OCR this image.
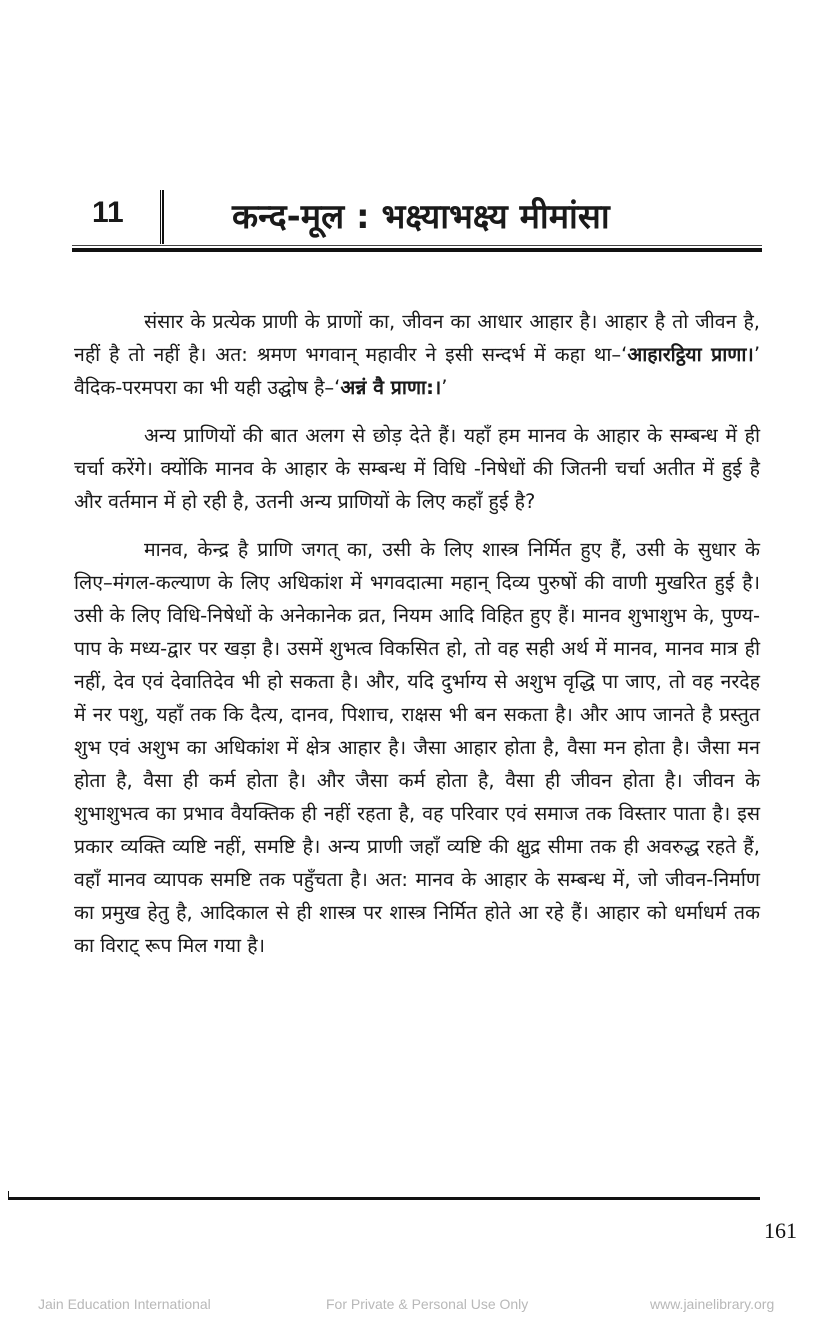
11	कन्द-मूल : भक्ष्याभक्ष्य मीमांसा

संसार के प्रत्येक प्राणी के प्राणों का, जीवन का आधार आहार है। आहार है तो जीवन है, नहीं है तो नहीं है। अत: श्रमण भगवान् महावीर ने इसी सन्दर्भ में कहा था–‘आहारट्ठिया प्राणा।’ वैदिक-परमपरा का भी यही उद्घोष है–‘अन्नं वै प्राणा:।’

अन्य प्राणियों की बात अलग से छोड़ देते हैं। यहाँ हम मानव के आहार के सम्बन्ध में ही चर्चा करेंगे। क्योंकि मानव के आहार के सम्बन्ध में विधि -निषेधों की जितनी चर्चा अतीत में हुई है और वर्तमान में हो रही है, उतनी अन्य प्राणियों के लिए कहाँ हुई है?

मानव, केन्द्र है प्राणि जगत् का, उसी के लिए शास्त्र निर्मित हुए हैं, उसी के सुधार के लिए–मंगल-कल्याण के लिए अधिकांश में भगवदात्मा महान् दिव्य पुरुषों की वाणी मुखरित हुई है। उसी के लिए विधि-निषेधों के अनेकानेक व्रत, नियम आदि विहित हुए हैं। मानव शुभाशुभ के, पुण्य-पाप के मध्य-द्वार पर खड़ा है। उसमें शुभत्व विकसित हो, तो वह सही अर्थ में मानव, मानव मात्र ही नहीं, देव एवं देवातिदेव भी हो सकता है। और, यदि दुर्भाग्य से अशुभ वृद्धि पा जाए, तो वह नरदेह में नर पशु, यहाँ तक कि दैत्य, दानव, पिशाच, राक्षस भी बन सकता है। और आप जानते है प्रस्तुत शुभ एवं अशुभ का अधिकांश में क्षेत्र आहार है। जैसा आहार होता है, वैसा मन होता है। जैसा मन होता है, वैसा ही कर्म होता है। और जैसा कर्म होता है, वैसा ही जीवन होता है। जीवन के शुभाशुभत्व का प्रभाव वैयक्तिक ही नहीं रहता है, वह परिवार एवं समाज तक विस्तार पाता है। इस प्रकार व्यक्ति व्यष्टि नहीं, समष्टि है। अन्य प्राणी जहाँ व्यष्टि की क्षुद्र सीमा तक ही अवरुद्ध रहते हैं, वहाँ मानव व्यापक समष्टि तक पहुँचता है। अत: मानव के आहार के सम्बन्ध में, जो जीवन-निर्माण का प्रमुख हेतु है, आदिकाल से ही शास्त्र पर शास्त्र निर्मित होते आ रहे हैं। आहार को धर्माधर्म तक का विराट् रूप मिल गया है।

161
Jain Education International	For Private & Personal Use Only	www.jainelibrary.org
